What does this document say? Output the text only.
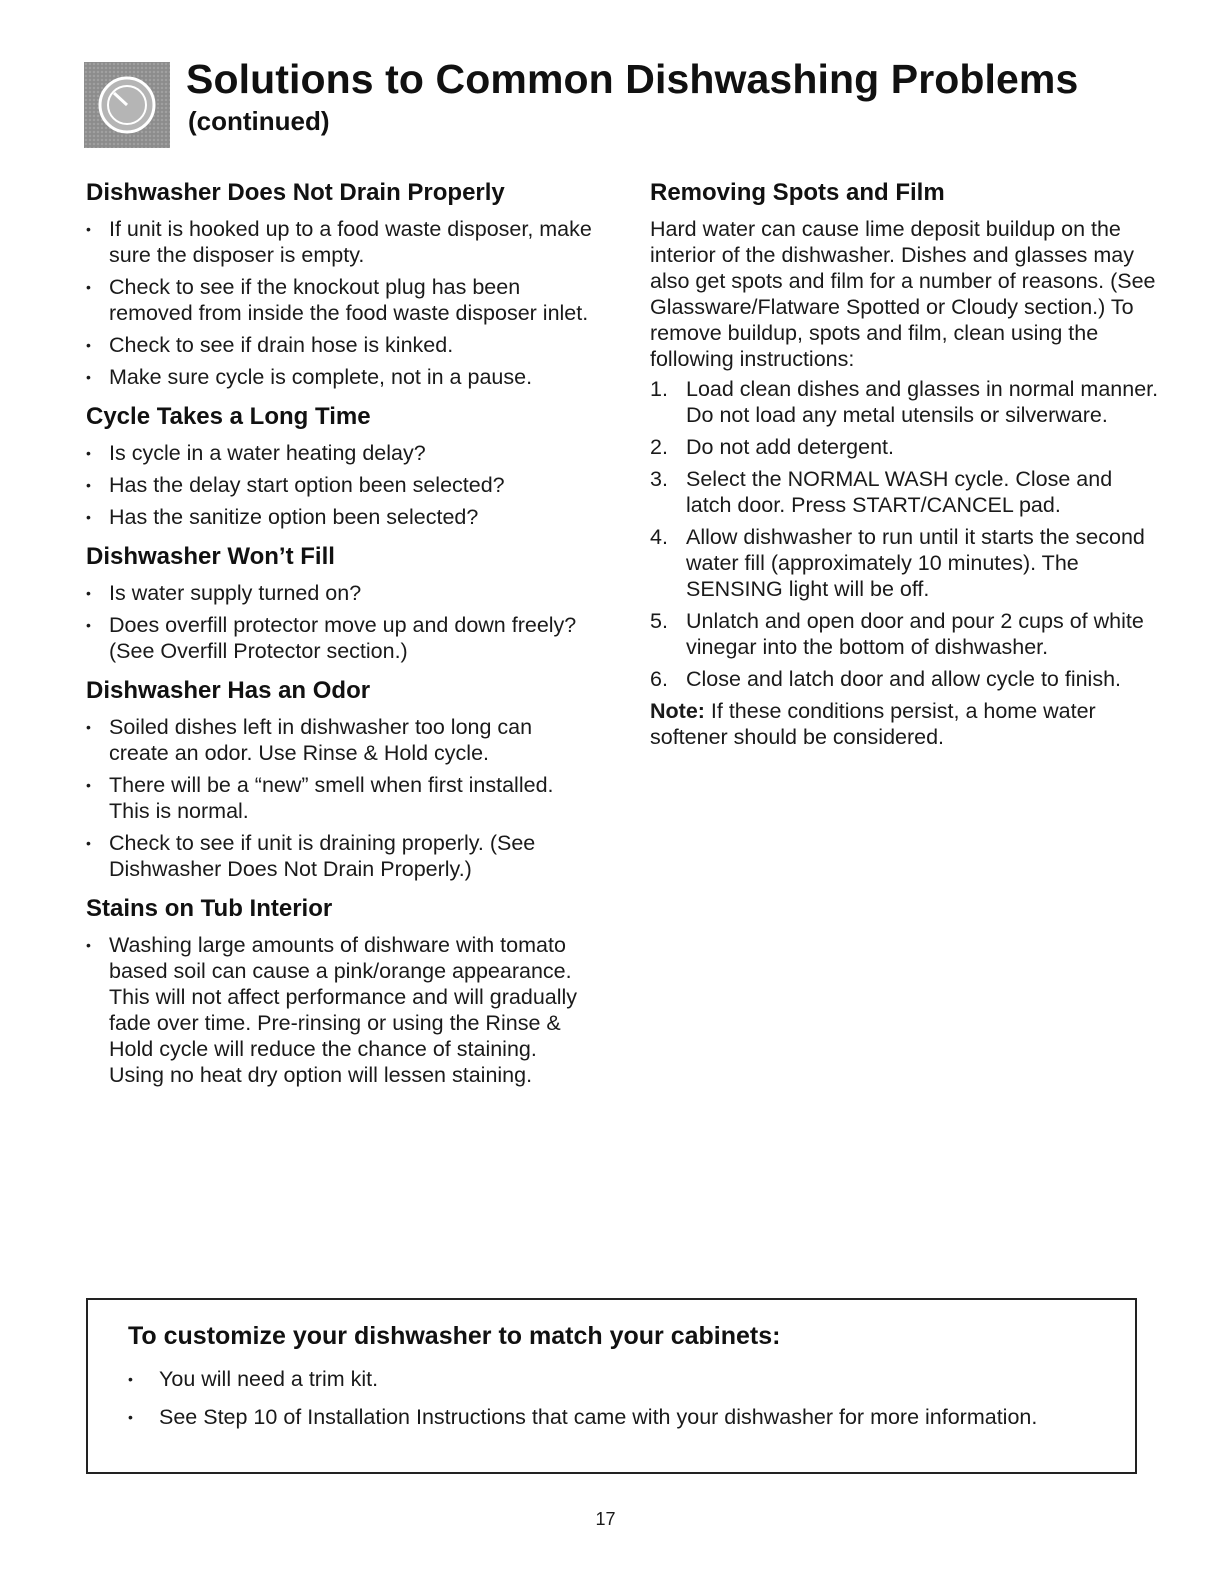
Solutions to Common Dishwashing Problems
(continued)
Dishwasher Does Not Drain Properly
• If unit is hooked up to a food waste disposer, make sure the disposer is empty.
• Check to see if the knockout plug has been removed from inside the food waste disposer inlet.
• Check to see if drain hose is kinked.
• Make sure cycle is complete, not in a pause.
Cycle Takes a Long Time
• Is cycle in a water heating delay?
• Has the delay start option been selected?
• Has the sanitize option been selected?
Dishwasher Won’t Fill
• Is water supply turned on?
• Does overfill protector move up and down freely? (See Overfill Protector section.)
Dishwasher Has an Odor
• Soiled dishes left in dishwasher too long can create an odor. Use Rinse & Hold cycle.
• There will be a “new” smell when first installed. This is normal.
• Check to see if unit is draining properly. (See Dishwasher Does Not Drain Properly.)
Stains on Tub Interior
• Washing large amounts of dishware with tomato based soil can cause a pink/orange appearance. This will not affect performance and will gradually fade over time. Pre-rinsing or using the Rinse & Hold cycle will reduce the chance of staining. Using no heat dry option will lessen staining.
Removing Spots and Film

Hard water can cause lime deposit buildup on the interior of the dishwasher. Dishes and glasses may also get spots and film for a number of reasons. (See Glassware/Flatware Spotted or Cloudy section.) To remove buildup, spots and film, clean using the following instructions:

1. Load clean dishes and glasses in normal manner. Do not load any metal utensils or silverware.
2. Do not add detergent.
3. Select the NORMAL WASH cycle. Close and latch door. Press START/CANCEL pad.
4. Allow dishwasher to run until it starts the second water fill (approximately 10 minutes). The SENSING light will be off.
5. Unlatch and open door and pour 2 cups of white vinegar into the bottom of dishwasher.
6. Close and latch door and allow cycle to finish.

Note: If these conditions persist, a home water softener should be considered.

To customize your dishwasher to match your cabinets:
• You will need a trim kit.
• See Step 10 of Installation Instructions that came with your dishwasher for more information.
17
